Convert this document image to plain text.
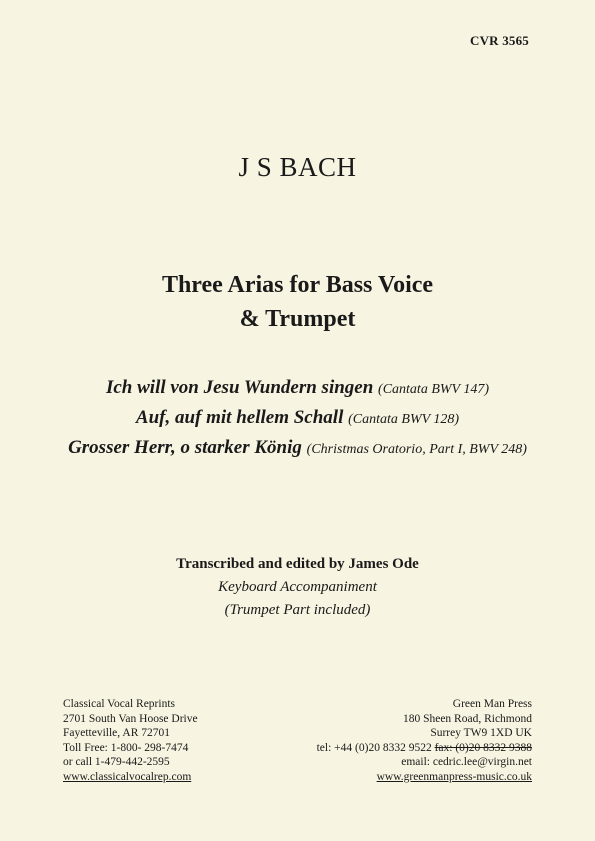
CVR 3565
J S BACH
Three Arias for Bass Voice
& Trumpet
Ich will von Jesu Wundern singen (Cantata BWV 147)
Auf, auf mit hellem Schall (Cantata BWV 128)
Grosser Herr, o starker König (Christmas Oratorio, Part I, BWV 248)
Transcribed and edited by James Ode
Keyboard Accompaniment
(Trumpet Part included)
Classical Vocal Reprints
2701 South Van Hoose Drive
Fayetteville, AR 72701
Toll Free: 1-800- 298-7474
or call 1-479-442-2595
www.classicalvocalrep.com
Green Man Press
180 Sheen Road, Richmond
Surrey TW9 1XD UK
tel: +44 (0)20 8332 9522 fax: (0)20 8332 9388
email: cedric.lee@virgin.net
www.greenmanpress-music.co.uk
